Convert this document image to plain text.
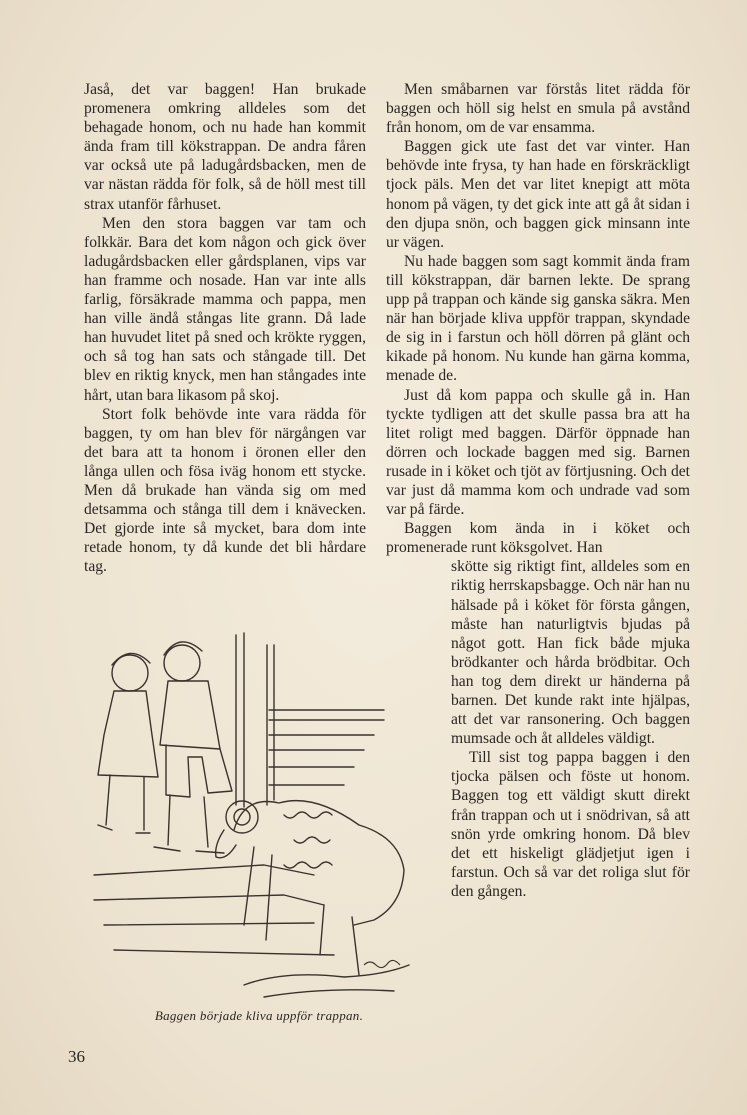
Jaså, det var baggen! Han brukade promenera omkring alldeles som det behagade honom, och nu hade han kommit ända fram till kökstrappan. De andra fåren var också ute på ladugårdsbacken, men de var nästan rädda för folk, så de höll mest till strax utanför fårhuset.

Men den stora baggen var tam och folkkär. Bara det kom någon och gick över ladugårdsbacken eller gårdsplanen, vips var han framme och nosade. Han var inte alls farlig, försäkrade mamma och pappa, men han ville ändå stångas lite grann. Då lade han huvudet litet på sned och krökte ryggen, och så tog han sats och stångade till. Det blev en riktig knyck, men han stångades inte hårt, utan bara likasom på skoj.

Stort folk behövde inte vara rädda för baggen, ty om han blev för närgången var det bara att ta honom i öronen eller den långa ullen och fösa iväg honom ett stycke. Men då brukade han vända sig om med detsamma och stånga till dem i knävecken. Det gjorde inte så mycket, bara dom inte retade honom, ty då kunde det bli hårdare tag.

Men småbarnen var förstås litet rädda för baggen och höll sig helst en smula på avstånd från honom, om de var ensamma.

Baggen gick ute fast det var vinter. Han behövde inte frysa, ty han hade en förskräckligt tjock päls. Men det var litet knepigt att möta honom på vägen, ty det gick inte att gå åt sidan i den djupa snön, och baggen gick minsann inte ur vägen.

Nu hade baggen som sagt kommit ända fram till kökstrappan, där barnen lekte. De sprang upp på trappan och kände sig ganska säkra. Men när han började kliva uppför trappan, skyndade de sig in i farstun och höll dörren på glänt och kikade på honom. Nu kunde han gärna komma, menade de.

Just då kom pappa och skulle gå in. Han tyckte tydligen att det skulle passa bra att ha litet roligt med baggen. Därför öppnade han dörren och lockade baggen med sig. Barnen rusade in i köket och tjöt av förtjusning. Och det var just då mamma kom och undrade vad som var på färde.

Baggen kom ända in i köket och promenerade runt köksgolvet. Han

skötte sig riktigt fint, alldeles som en riktig herrskapsbagge. Och när han nu hälsade på i köket för första gången, måste han naturligtvis bjudas på något gott. Han fick både mjuka brödkanter och hårda brödbitar. Och han tog dem direkt ur händerna på barnen. Det kunde rakt inte hjälpas, att det var ransonering. Och baggen mumsade och åt alldeles väldigt.

Till sist tog pappa baggen i den tjocka pälsen och föste ut honom. Baggen tog ett väldigt skutt direkt från trappan och ut i snödrivan, så att snön yrde omkring honom. Då blev det ett hiskeligt glädjetjut igen i farstun. Och så var det roliga slut för den gången.

Baggen började kliva uppför trappan.
36
